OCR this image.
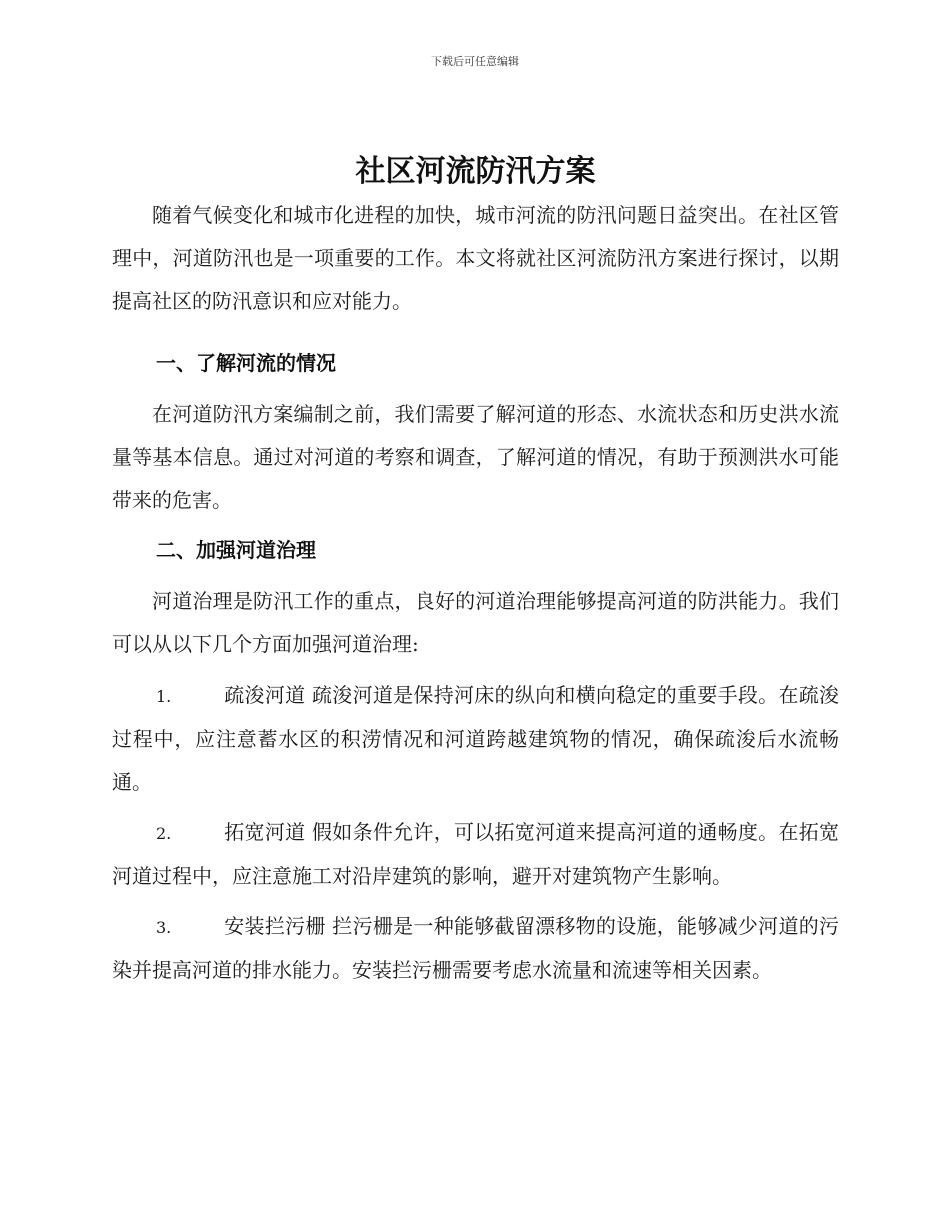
下载后可任意编辑
社区河流防汛方案

随着气候变化和城市化进程的加快，城市河流的防汛问题日益突出。在社区管理中，河道防汛也是一项重要的工作。本文将就社区河流防汛方案进行探讨，以期提高社区的防汛意识和应对能力。

一、了解河流的情况

在河道防汛方案编制之前，我们需要了解河道的形态、水流状态和历史洪水流量等基本信息。通过对河道的考察和调查，了解河道的情况，有助于预测洪水可能带来的危害。

二、加强河道治理

河道治理是防汛工作的重点，良好的河道治理能够提高河道的防洪能力。我们可以从以下几个方面加强河道治理:

1.	疏浚河道 疏浚河道是保持河床的纵向和横向稳定的重要手段。在疏浚过程中，应注意蓄水区的积涝情况和河道跨越建筑物的情况，确保疏浚后水流畅通。

2.	拓宽河道 假如条件允许，可以拓宽河道来提高河道的通畅度。在拓宽河道过程中，应注意施工对沿岸建筑的影响，避开对建筑物产生影响。

3.	安装拦污栅 拦污栅是一种能够截留漂移物的设施，能够减少河道的污染并提高河道的排水能力。安装拦污栅需要考虑水流量和流速等相关因素。
